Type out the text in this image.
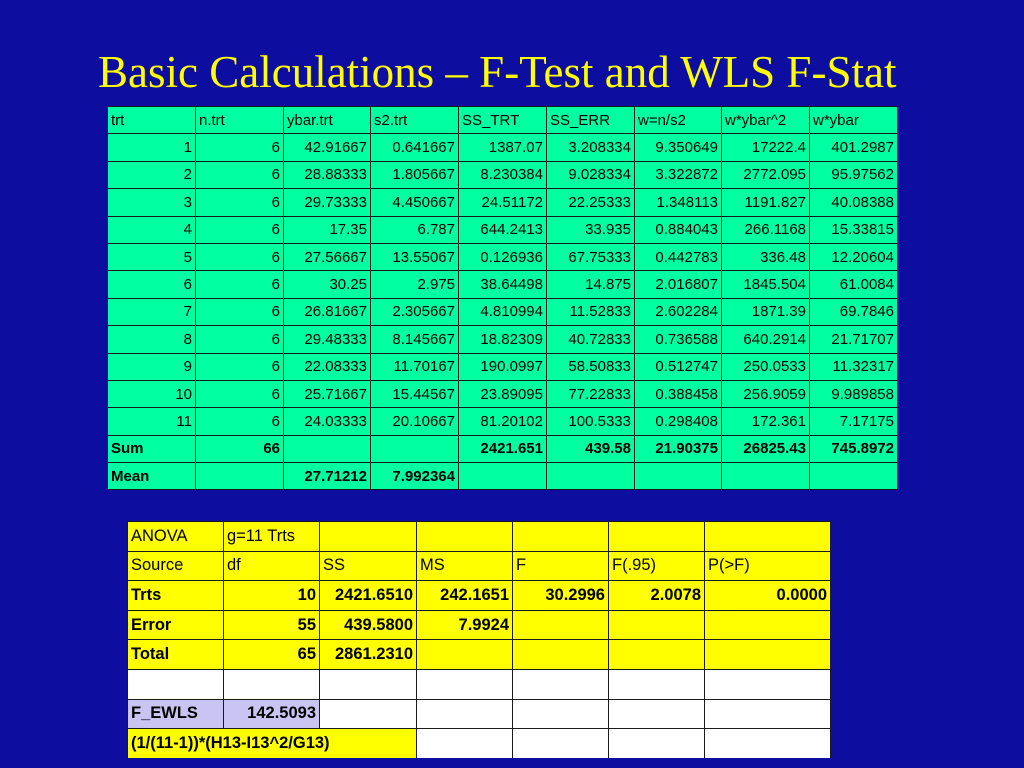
Basic Calculations – F-Test and WLS F-Stat
trt	n.trt	ybar.trt	s2.trt	SS_TRT	SS_ERR	w=n/s2	w*ybar^2	w*ybar
1	6	42.91667	0.641667	1387.07	3.208334	9.350649	17222.4	401.2987
2	6	28.88333	1.805667	8.230384	9.028334	3.322872	2772.095	95.97562
3	6	29.73333	4.450667	24.51172	22.25333	1.348113	1191.827	40.08388
4	6	17.35	6.787	644.2413	33.935	0.884043	266.1168	15.33815
5	6	27.56667	13.55067	0.126936	67.75333	0.442783	336.48	12.20604
6	6	30.25	2.975	38.64498	14.875	2.016807	1845.504	61.0084
7	6	26.81667	2.305667	4.810994	11.52833	2.602284	1871.39	69.7846
8	6	29.48333	8.145667	18.82309	40.72833	0.736588	640.2914	21.71707
9	6	22.08333	11.70167	190.0997	58.50833	0.512747	250.0533	11.32317
10	6	25.71667	15.44567	23.89095	77.22833	0.388458	256.9059	9.989858
11	6	24.03333	20.10667	81.20102	100.5333	0.298408	172.361	7.17175
Sum	66			2421.651	439.58	21.90375	26825.43	745.8972
Mean		27.71212	7.992364					
ANOVA	g=11 Trts					
Source	df	SS	MS	F	F(.95)	P(>F)
Trts	10	2421.6510	242.1651	30.2996	2.0078	0.0000
Error	55	439.5800	7.9924			
Total	65	2861.2310				

F_EWLS	142.5093					
(1/(11-1))*(H13-I13^2/G13)						
